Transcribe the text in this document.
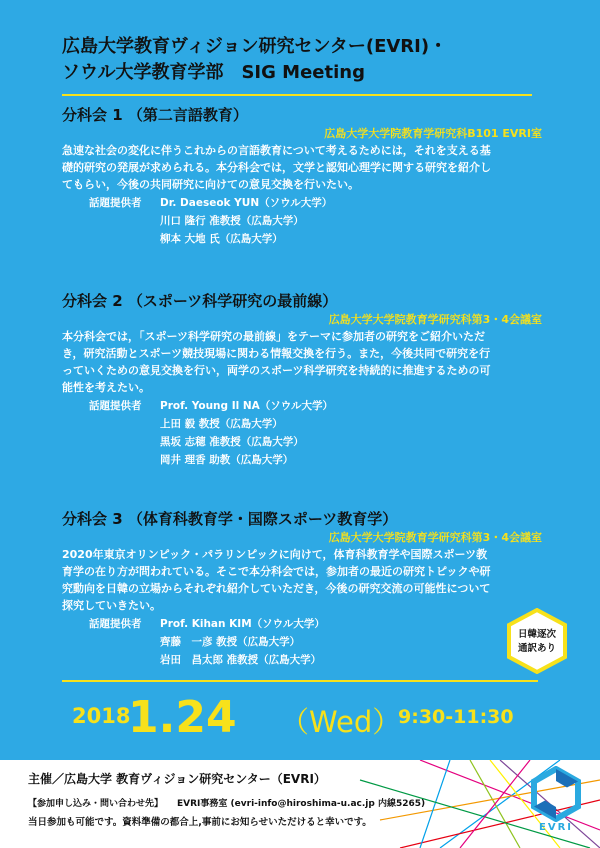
広島大学教育ヴィジョン研究センター(EVRI)・
ソウル大学教育学部　SIG Meeting
分科会 1 （第二言語教育）
広島大学大学院教育学研究科B101 EVRI室
急速な社会の変化に伴うこれからの言語教育について考えるためには，それを支える基
礎的研究の発展が求められる。本分科会では，文学と認知心理学に関する研究を紹介し
てもらい，今後の共同研究に向けての意見交換を行いたい。
話題提供者	Dr. Daeseok YUN（ソウル大学）
川口 隆行 准教授（広島大学）
柳本 大地 氏（広島大学）
分科会 2 （スポーツ科学研究の最前線）
広島大学大学院教育学研究科第3・4会議室
本分科会では，「スポーツ科学研究の最前線」をテーマに参加者の研究をご紹介いただ
き，研究活動とスポーツ競技現場に関わる情報交換を行う。また，今後共同で研究を行
っていくための意見交換を行い，両学のスポーツ科学研究を持続的に推進するための可
能性を考えたい。
話題提供者	Prof. Young Il NA（ソウル大学）
上田 毅 教授（広島大学）
黒坂 志穂 准教授（広島大学）
岡井 理香 助教（広島大学）
分科会 3 （体育科教育学・国際スポーツ教育学）
広島大学大学院教育学研究科第3・4会議室
2020年東京オリンピック・パラリンピックに向けて，体育科教育学や国際スポーツ教
育学の在り方が問われている。そこで本分科会では，参加者の最近の研究トピックや研
究動向を日韓の立場からそれぞれ紹介していただき，今後の研究交流の可能性について
探究していきたい。
話題提供者	Prof. Kihan KIM（ソウル大学）
齊藤　一彦 教授（広島大学）
岩田　昌太郎 准教授（広島大学）
日韓逐次
通訳あり
2018
1.24 （Wed）
9:30-11:30
主催／広島大学 教育ヴィジョン研究センター（EVRI）
【参加申し込み・問い合わせ先】 EVRI事務室 (evri-info@hiroshima-u.ac.jp 内線5265)
当日参加も可能です。資料準備の都合上,事前にお知らせいただけると幸いです。	EVRI
